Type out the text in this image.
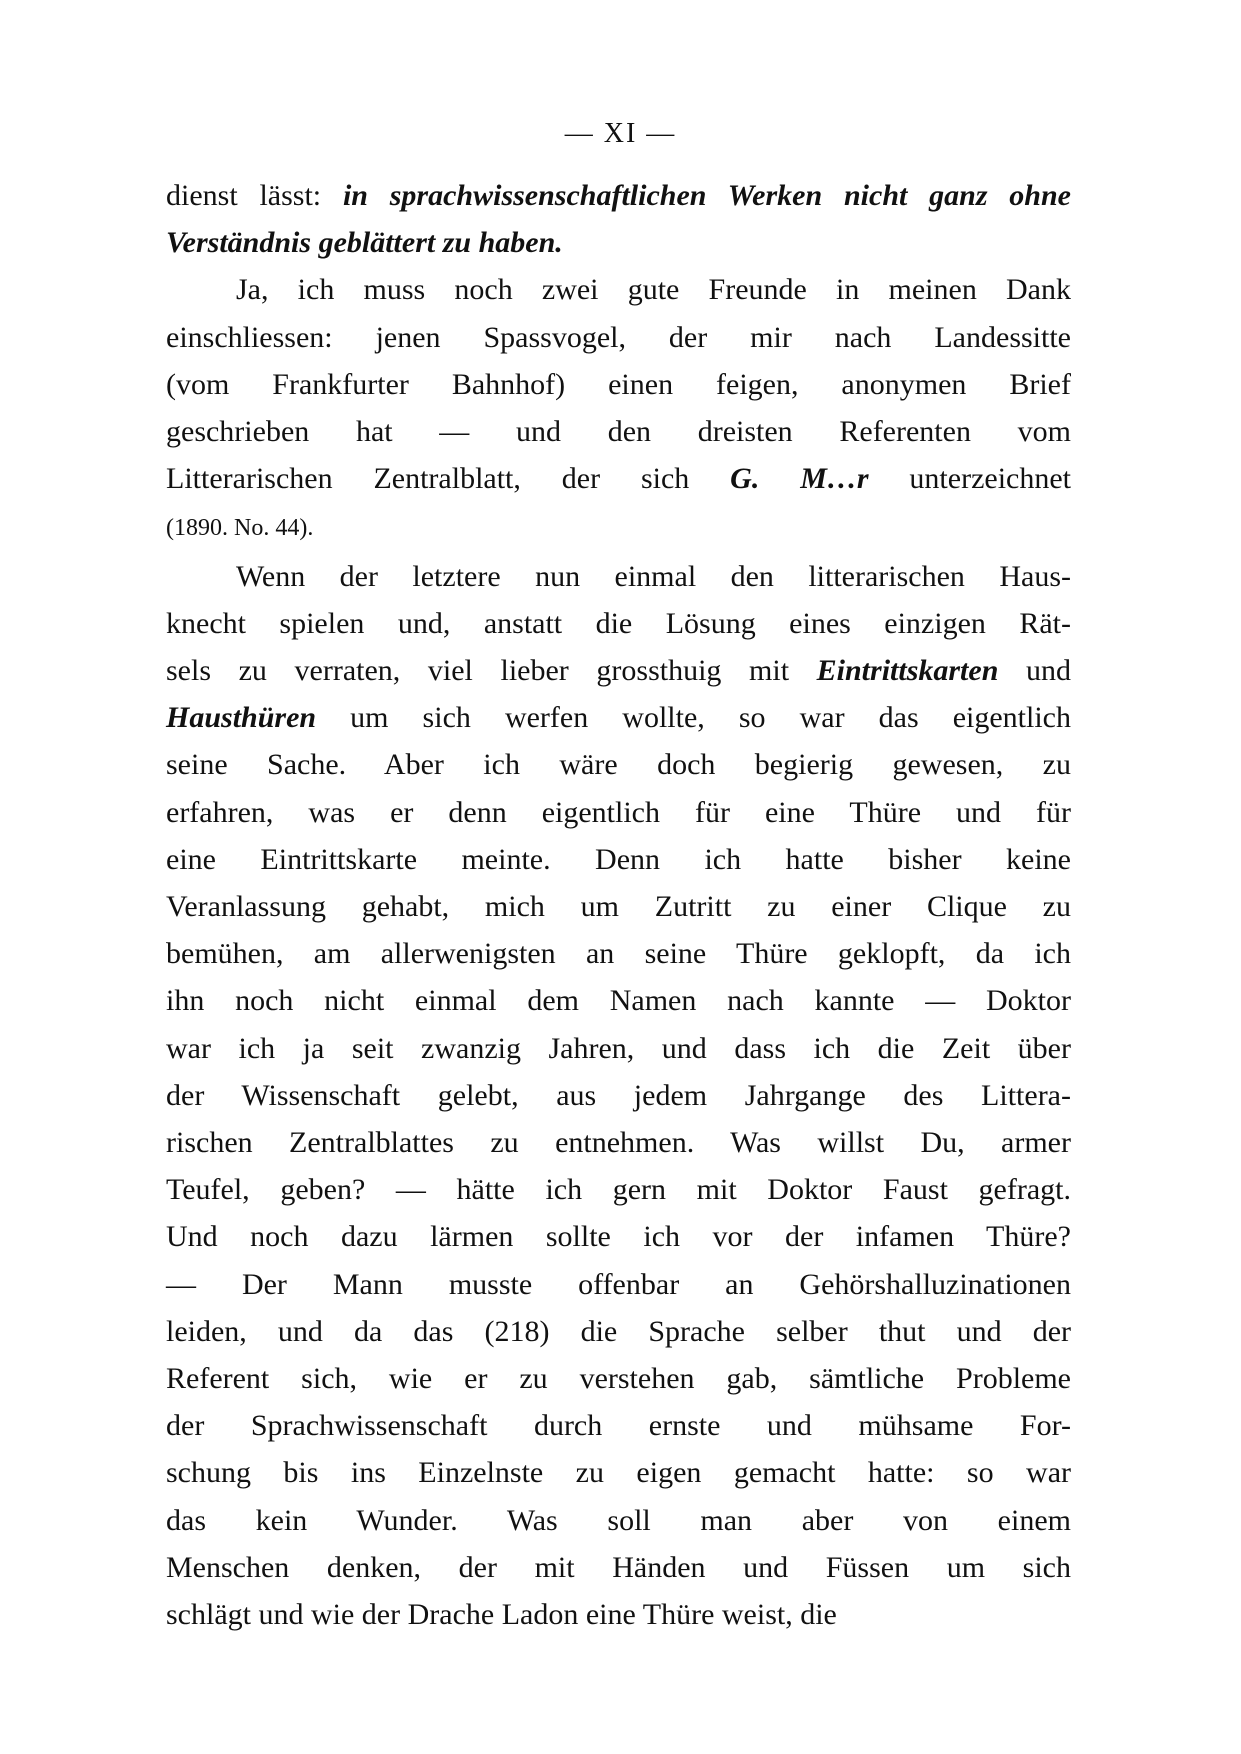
— XI —
dienst lässt: in sprachwissenschaftlichen Werken nicht ganz ohne
Verständnis geblättert zu haben.
Ja, ich muss noch zwei gute Freunde in meinen Dank
einschliessen: jenen Spassvogel, der mir nach Landessitte
(vom Frankfurter Bahnhof) einen feigen, anonymen Brief
geschrieben hat — und den dreisten Referenten vom
Litterarischen Zentralblatt, der sich G. M…r unterzeichnet
(1890. No. 44).
Wenn der letztere nun einmal den litterarischen Haus-
knecht spielen und, anstatt die Lösung eines einzigen Rät-
sels zu verraten, viel lieber grossthuig mit Eintrittskarten und
Hausthüren um sich werfen wollte, so war das eigentlich
seine Sache. Aber ich wäre doch begierig gewesen, zu
erfahren, was er denn eigentlich für eine Thüre und für
eine Eintrittskarte meinte. Denn ich hatte bisher keine
Veranlassung gehabt, mich um Zutritt zu einer Clique zu
bemühen, am allerwenigsten an seine Thüre geklopft, da ich
ihn noch nicht einmal dem Namen nach kannte — Doktor
war ich ja seit zwanzig Jahren, und dass ich die Zeit über
der Wissenschaft gelebt, aus jedem Jahrgange des Littera-
rischen Zentralblattes zu entnehmen. Was willst Du, armer
Teufel, geben? — hätte ich gern mit Doktor Faust gefragt.
Und noch dazu lärmen sollte ich vor der infamen Thüre?
— Der Mann musste offenbar an Gehörshalluzinationen
leiden, und da das (218) die Sprache selber thut und der
Referent sich, wie er zu verstehen gab, sämtliche Probleme
der Sprachwissenschaft durch ernste und mühsame For-
schung bis ins Einzelnste zu eigen gemacht hatte: so war
das kein Wunder. Was soll man aber von einem
Menschen denken, der mit Händen und Füssen um sich
schlägt und wie der Drache Ladon eine Thüre weist, die
